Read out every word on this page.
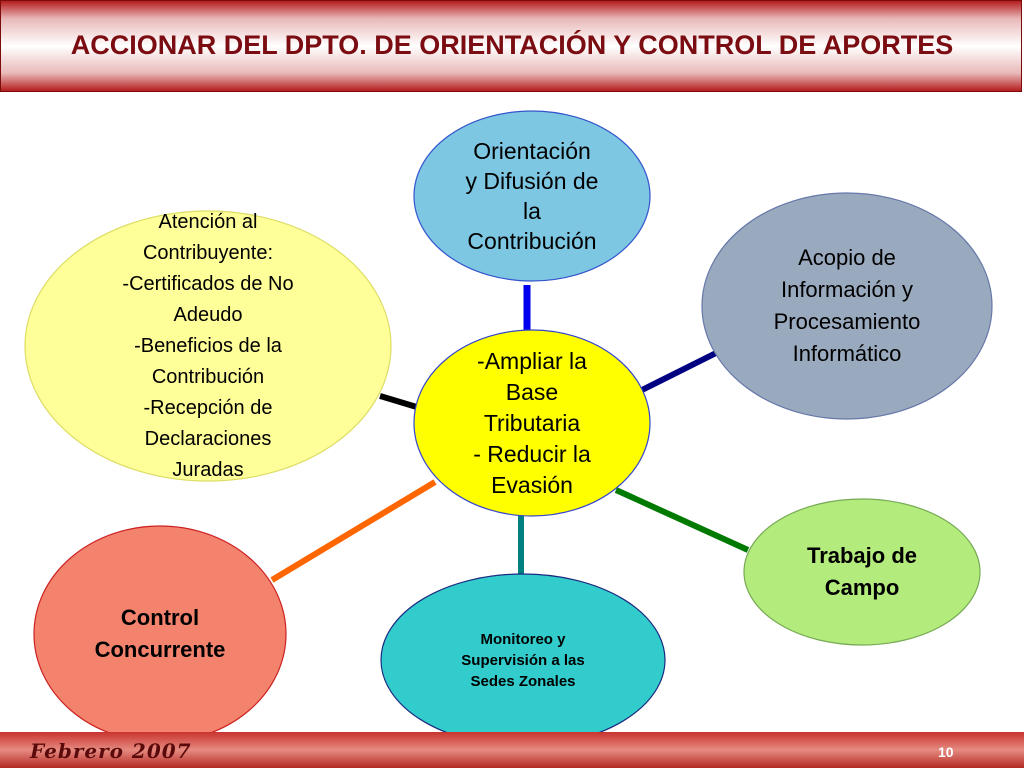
ACCIONAR DEL DPTO. DE ORIENTACIÓN Y CONTROL DE APORTES
Orientación
y Difusión de
la
Contribución
Acopio de
Información y
Procesamiento
Informático
Trabajo de
Campo
Monitoreo y
Supervisión a las
Sedes Zonales
Control
Concurrente
Atención al
Contribuyente:
-Certificados de No
Adeudo
-Beneficios de la
Contribución
-Recepción de
Declaraciones
Juradas
-Ampliar la
Base
Tributaria
- Reducir la
Evasión
Febrero 2007	10
